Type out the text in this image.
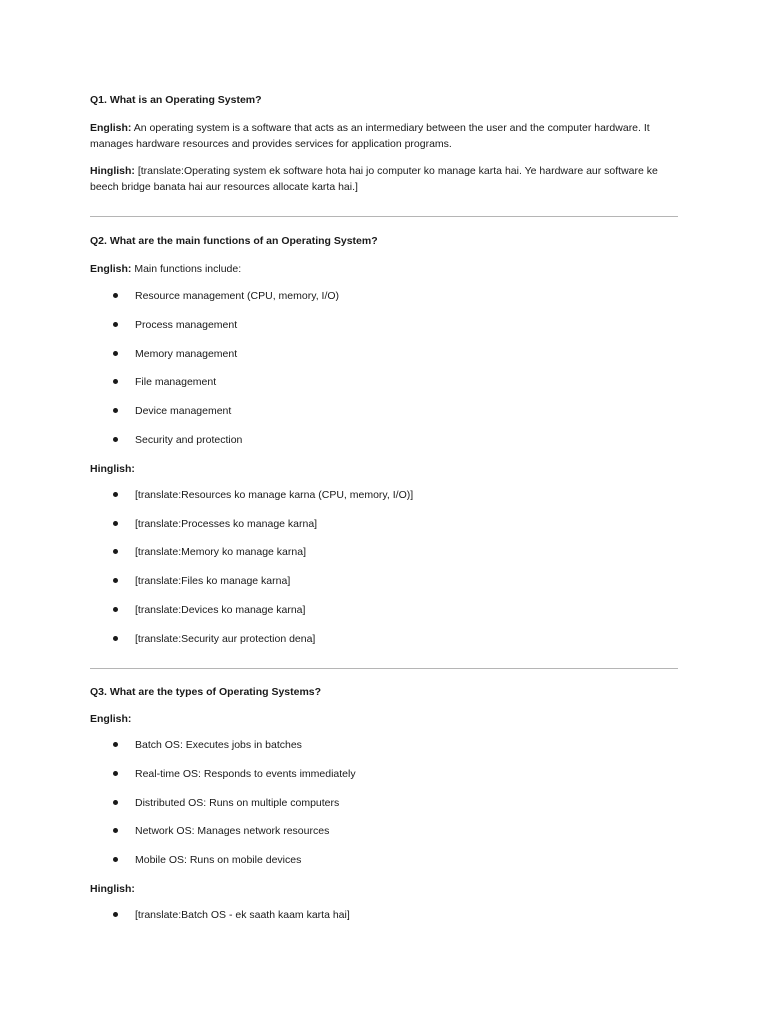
Q1. What is an Operating System?

English: An operating system is a software that acts as an intermediary between the user and the computer hardware. It manages hardware resources and provides services for application programs.

Hinglish: [translate:Operating system ek software hota hai jo computer ko manage karta hai. Ye hardware aur software ke beech bridge banata hai aur resources allocate karta hai.]

Q2. What are the main functions of an Operating System?

English: Main functions include:

Resource management (CPU, memory, I/O)
Process management
Memory management
File management
Device management
Security and protection

Hinglish:

[translate:Resources ko manage karna (CPU, memory, I/O)]
[translate:Processes ko manage karna]
[translate:Memory ko manage karna]
[translate:Files ko manage karna]
[translate:Devices ko manage karna]
[translate:Security aur protection dena]

Q3. What are the types of Operating Systems?

English:

Batch OS: Executes jobs in batches
Real-time OS: Responds to events immediately
Distributed OS: Runs on multiple computers
Network OS: Manages network resources
Mobile OS: Runs on mobile devices

Hinglish:

[translate:Batch OS - ek saath kaam karta hai]
